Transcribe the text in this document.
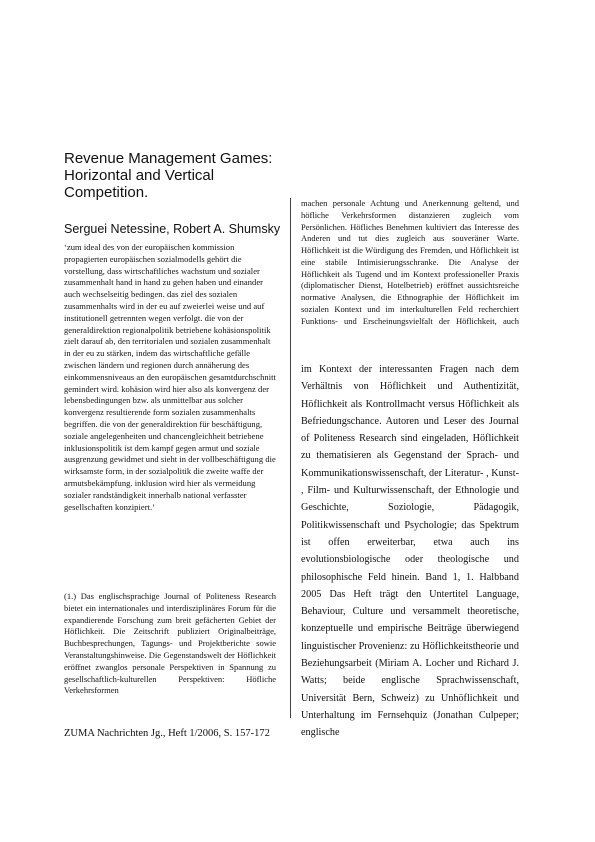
Revenue Management Games: Horizontal and Vertical Competition.

Serguei Netessine, Robert A. Shumsky

‘zum ideal des von der europäischen kommission propagierten europäischen sozialmodells gehört die vorstellung, dass wirtschaftliches wachstum und sozialer zusammenhalt hand in hand zu gehen haben und einander auch wechselseitig bedingen. das ziel des sozialen zusammenhalts wird in der eu auf zweierlei weise und auf institutionell getrennten wegen verfolgt. die von der generaldirektion regionalpolitik betriebene kohäsionspolitik zielt darauf ab, den territorialen und sozialen zusammenhalt in der eu zu stärken, indem das wirtschaftliche gefälle zwischen ländern und regionen durch annäherung des einkommensniveaus an den europäischen gesamtdurchschnitt gemindert wird. kohäsion wird hier also als konvergenz der lebensbedingungen bzw. als unmittelbar aus solcher konvergenz resultierende form sozialen zusammenhalts begriffen. die von der generaldirektion für beschäftigung, soziale angelegenheiten und chancengleichheit betriebene inklusionspolitik ist dem kampf gegen armut und soziale ausgrenzung gewidmet und sieht in der vollbeschäftigung die wirksamste form, in der sozialpolitik die zweite waffe der armutsbekämpfung. inklusion wird hier als vermeidung sozialer randständigkeit innerhalb national verfasster gesellschaften konzipiert.’

(1.) Das englischsprachige Journal of Politeness Research bietet ein internationales und interdisziplinäres Forum für die expandierende Forschung zum breit gefächerten Gebiet der Höflichkeit. Die Zeitschrift publiziert Originalbeiträge, Buchbesprechungen, Tagungs- und Projektberichte sowie Veranstaltungshinweise. Die Gegenstandswelt der Höflichkeit eröffnet zwanglos personale Perspektiven in Spannung zu gesellschaftlich-kulturellen Perspektiven: Höfliche Verkehrsformen

ZUMA Nachrichten Jg., Heft 1/2006, S. 157-172

machen personale Achtung und Anerkennung geltend, und höfliche Verkehrsformen distanzieren zugleich vom Persönlichen. Höfliches Benehmen kultiviert das Interesse des Anderen und tut dies zugleich aus souveräner Warte. Höflichkeit ist die Würdigung des Fremden, und Höflichkeit ist eine stabile Intimisierungsschranke. Die Analyse der Höflichkeit als Tugend und im Kontext professioneller Praxis (diplomatischer Dienst, Hotelbetrieb) eröffnet aussichtsreiche normative Analysen, die Ethnographie der Höflichkeit im sozialen Kontext und im interkulturellen Feld recherchiert Funktions- und Erscheinungsvielfalt der Höflichkeit, auch

im Kontext der interessanten Fragen nach dem Verhältnis von Höflichkeit und Authentizität, Höflichkeit als Kontrollmacht versus Höflichkeit als Befriedungschance. Autoren und Leser des Journal of Politeness Research sind eingeladen, Höflichkeit zu thematisieren als Gegenstand der Sprach- und Kommunikationswissenschaft, der Literatur- , Kunst- , Film- und Kulturwissenschaft, der Ethnologie und Geschichte, Soziologie, Pädagogik, Politikwissenschaft und Psychologie; das Spektrum ist offen erweiterbar, etwa auch ins evolutionsbiologische oder theologische und philosophische Feld hinein. Band 1, 1. Halbband 2005 Das Heft trägt den Untertitel Language, Behaviour, Culture und versammelt theoretische, konzeptuelle und empirische Beiträge überwiegend linguistischer Provenienz: zu Höflichkeitstheorie und Beziehungsarbeit (Miriam A. Locher und Richard J. Watts; beide englische Sprachwissenschaft, Universität Bern, Schweiz) zu Unhöflichkeit und Unterhaltung im Fernsehquiz (Jonathan Culpeper; englische
